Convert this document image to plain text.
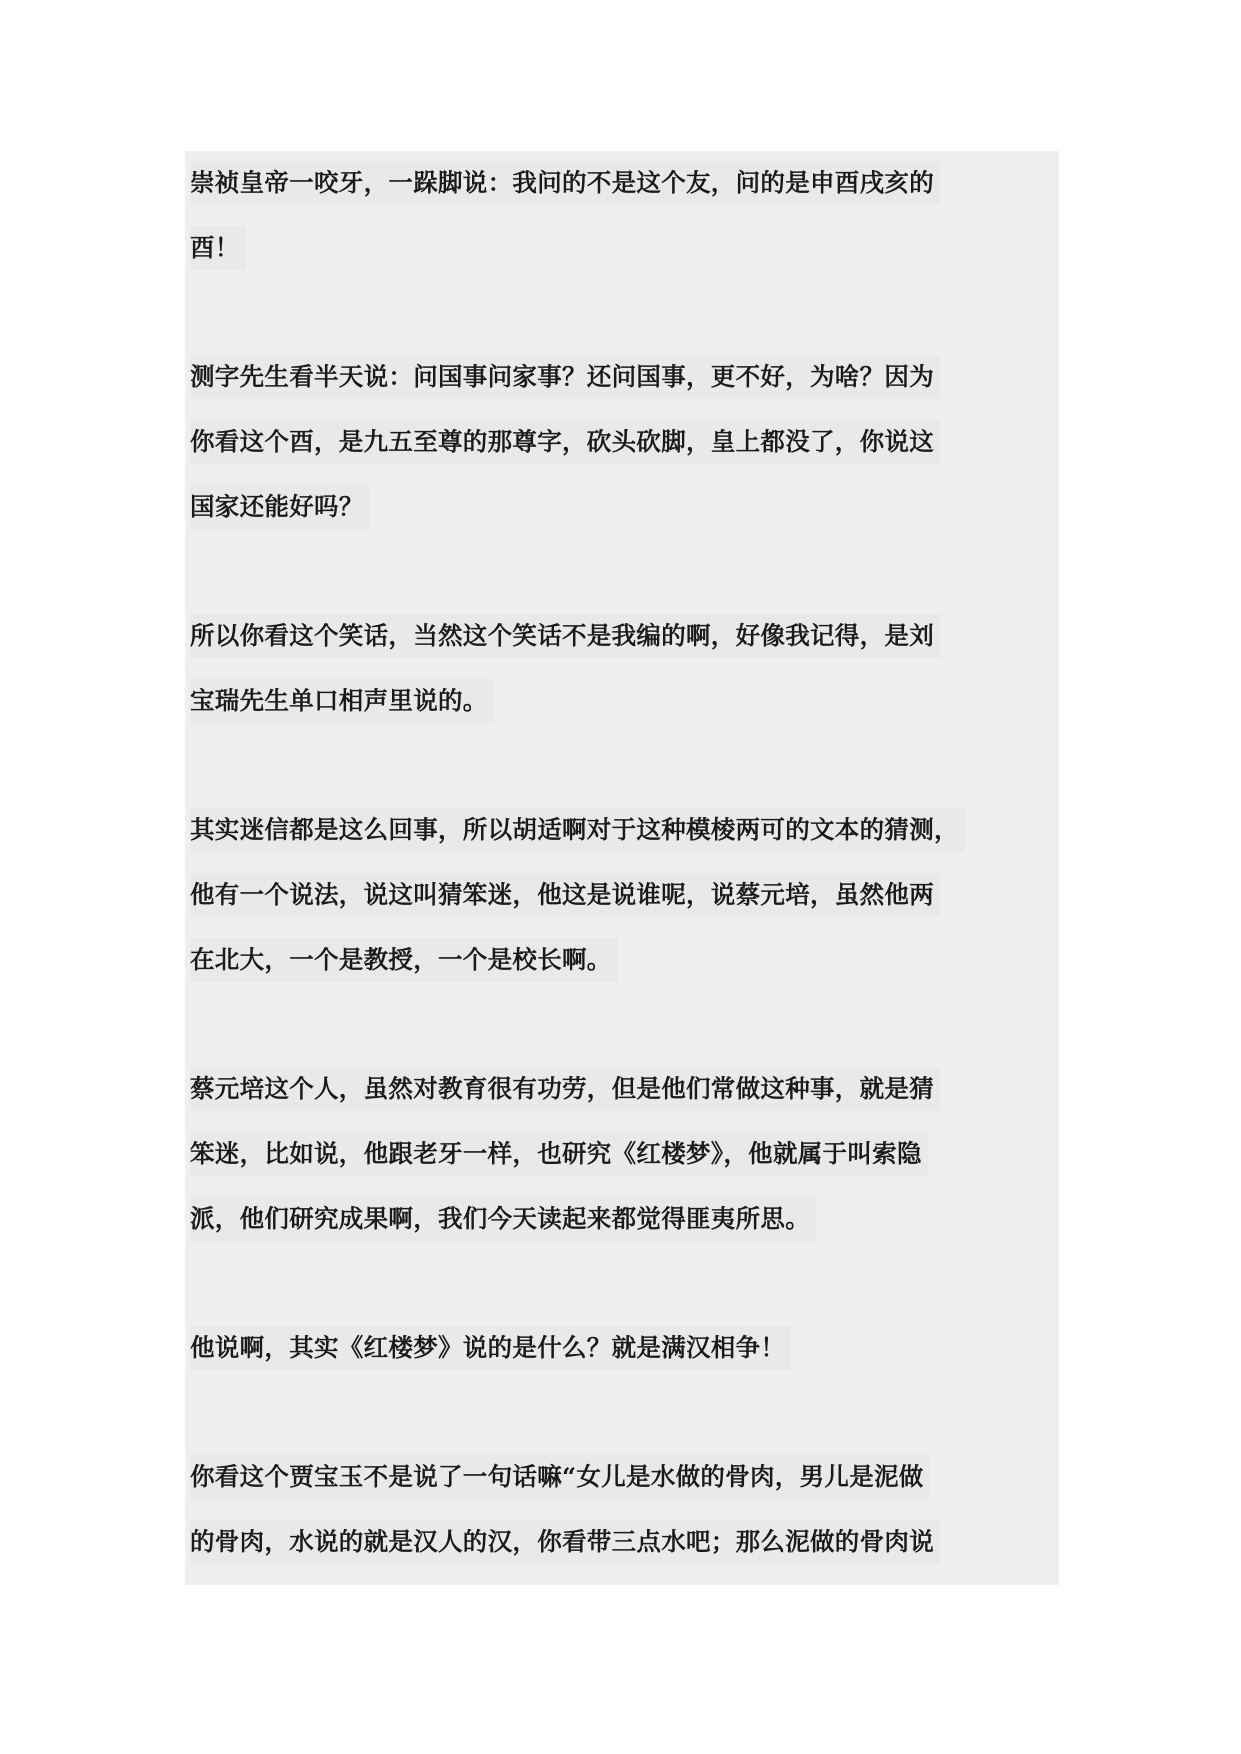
崇祯皇帝一咬牙，一跺脚说：我问的不是这个友，问的是申酉戌亥的
酉！
测字先生看半天说：问国事问家事？还问国事，更不好，为啥？因为
你看这个酉，是九五至尊的那尊字，砍头砍脚，皇上都没了，你说这
国家还能好吗？
所以你看这个笑话，当然这个笑话不是我编的啊，好像我记得，是刘
宝瑞先生单口相声里说的。
其实迷信都是这么回事，所以胡适啊对于这种模棱两可的文本的猜测，
他有一个说法，说这叫猜笨迷，他这是说谁呢，说蔡元培，虽然他两
在北大，一个是教授，一个是校长啊。
蔡元培这个人，虽然对教育很有功劳，但是他们常做这种事，就是猜
笨迷，比如说，他跟老牙一样，也研究《红楼梦》，他就属于叫索隐
派，他们研究成果啊，我们今天读起来都觉得匪夷所思。
他说啊，其实《红楼梦》说的是什么？就是满汉相争！
你看这个贾宝玉不是说了一句话嘛“女儿是水做的骨肉，男儿是泥做
的骨肉，水说的就是汉人的汉，你看带三点水吧；那么泥做的骨肉说
